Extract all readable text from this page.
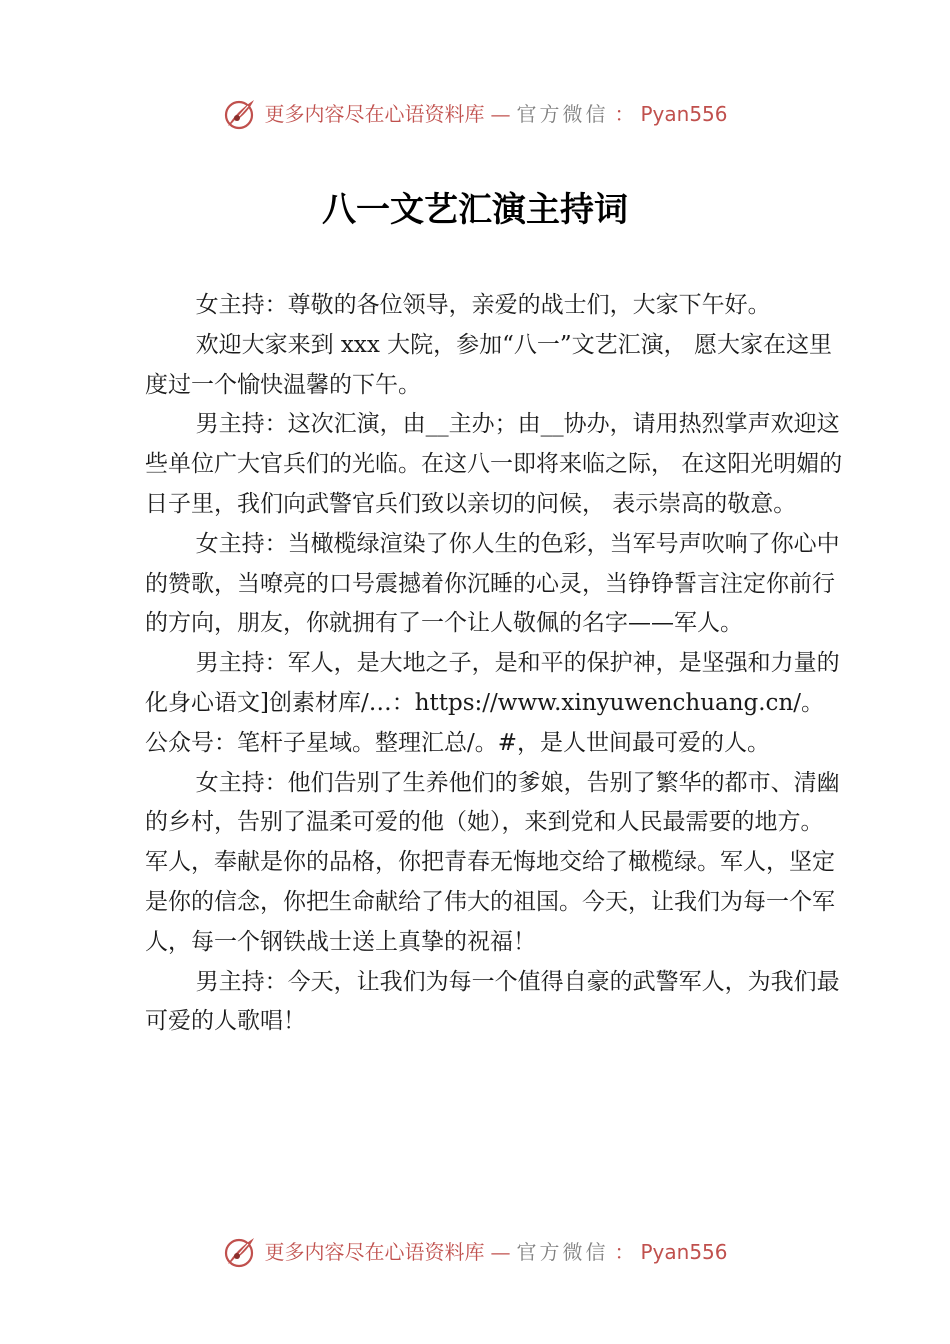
更多内容尽在心语资料库 — 官方微信 ： Pyan556
八一文艺汇演主持词

女主持：尊敬的各位领导，亲爱的战士们，大家下午好。

欢迎大家来到 xxx 大院，参加“八一”文艺汇演， 愿大家在这里度过一个愉快温馨的下午。

男主持：这次汇演，由__主办；由__协办，请用热烈掌声欢迎这些单位广大官兵们的光临。在这八一即将来临之际， 在这阳光明媚的日子里，我们向武警官兵们致以亲切的问候， 表示崇高的敬意。

女主持：当橄榄绿渲染了你人生的色彩，当军号声吹响了你心中的赞歌，当嘹亮的口号震撼着你沉睡的心灵，当铮铮誓言注定你前行的方向，朋友，你就拥有了一个让人敬佩的名字——军人。

男主持：军人，是大地之子，是和平的保护神，是坚强和力量的化身心语文]创素材库/…：https://www.xinyuwenchuang.cn/。公众号：笔杆子星域。整理汇总/。#，是人世间最可爱的人。

女主持：他们告别了生养他们的爹娘，告别了繁华的都市、清幽的乡村，告别了温柔可爱的他（她），来到党和人民最需要的地方。军人，奉献是你的品格，你把青春无悔地交给了橄榄绿。军人，坚定是你的信念，你把生命献给了伟大的祖国。今天，让我们为每一个军人，每一个钢铁战士送上真挚的祝福！

男主持：今天，让我们为每一个值得自豪的武警军人，为我们最可爱的人歌唱！

更多内容尽在心语资料库 — 官方微信 ： Pyan556
